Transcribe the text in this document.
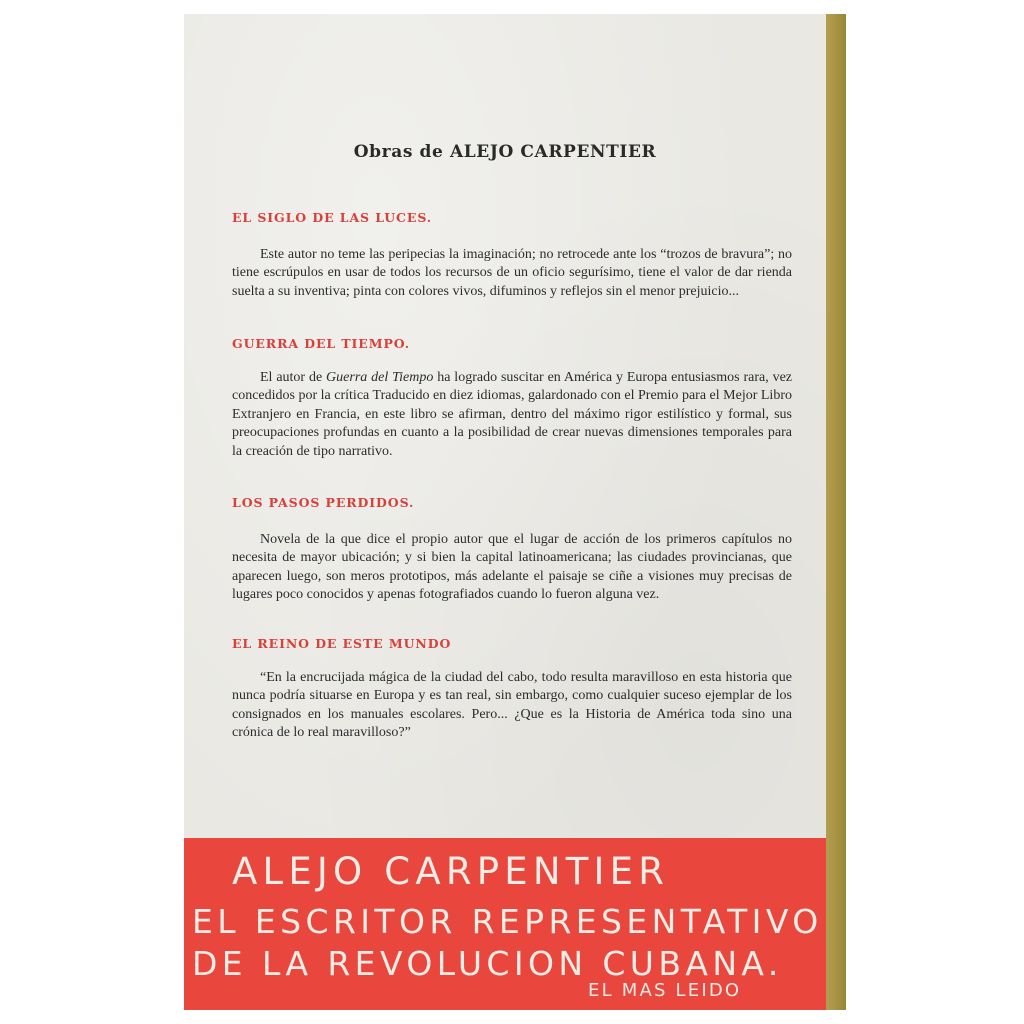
Obras de ALEJO CARPENTIER
EL SIGLO DE LAS LUCES.
Este autor no teme las peripecias la imaginación; no retrocede ante los “trozos de bravura”; no tiene escrúpulos en usar de todos los recursos de un oficio segurísimo, tiene el valor de dar rienda suelta a su inventiva; pinta con colores vivos, difuminos y reflejos sin el menor prejuicio...
GUERRA DEL TIEMPO.
El autor de Guerra del Tiempo ha logrado suscitar en América y Europa entusiasmos rara, vez concedidos por la crítica Traducido en diez idiomas, galardonado con el Premio para el Mejor Libro Extranjero en Francia, en este libro se afirman, dentro del máximo rigor estilístico y formal, sus preocupaciones profundas en cuanto a la posibilidad de crear nuevas dimensiones temporales para la creación de tipo narrativo.
LOS PASOS PERDIDOS.
Novela de la que dice el propio autor que el lugar de acción de los primeros capítulos no necesita de mayor ubicación; y si bien la capital latinoamericana; las ciudades provincianas, que aparecen luego, son meros prototipos, más adelante el paisaje se ciñe a visiones muy precisas de lugares poco conocidos y apenas fotografiados cuando lo fueron alguna vez.
EL REINO DE ESTE MUNDO
“En la encrucijada mágica de la ciudad del cabo, todo resulta maravilloso en esta historia que nunca podría situarse en Europa y es tan real, sin embargo, como cualquier suceso ejemplar de los consignados en los manuales escolares. Pero... ¿Que es la Historia de América toda sino una crónica de lo real maravilloso?”
ALEJO CARPENTIER
EL ESCRITOR REPRESENTATIVO
DE LA REVOLUCION CUBANA.
EL MAS LEIDO
